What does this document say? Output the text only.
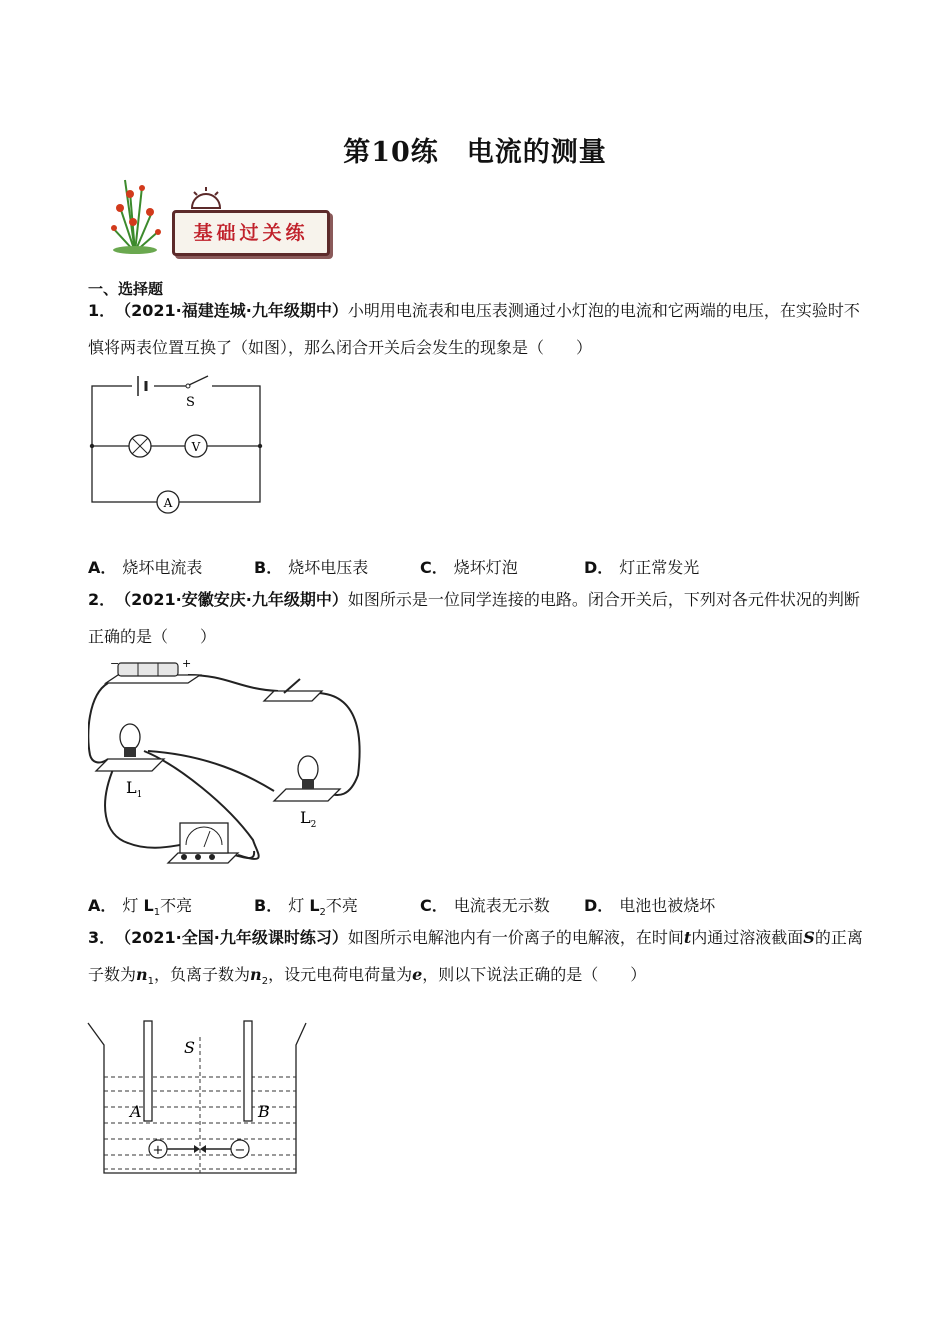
第10练 电流的测量
基础过关练
一、选择题
1． （2021·福建连城·九年级期中）小明用电流表和电压表测通过小灯泡的电流和它两端的电压，在实验时不慎将两表位置互换了（如图），那么闭合开关后会发生的现象是（　　）
S
V
A
A． 烧坏电流表	B． 烧坏电压表	C． 烧坏灯泡	D． 灯正常发光
2． （2021·安徽安庆·九年级期中）如图所示是一位同学连接的电路。闭合开关后，下列对各元件状况的判断正确的是（　　）
−	+
$L_1$
$L_2$
A． 灯 $L_1$不亮	B． 灯 $L_2$不亮	C． 电流表无示数 D． 电池也被烧坏
3． （2021·全国·九年级课时练习）如图所示电解池内有一价离子的电解液，在时间t内通过溶液截面S的正离子数为$n_1$，负离子数为$n_2$，设元电荷电荷量为e，则以下说法正确的是（　　）
A	B
S
+	−
